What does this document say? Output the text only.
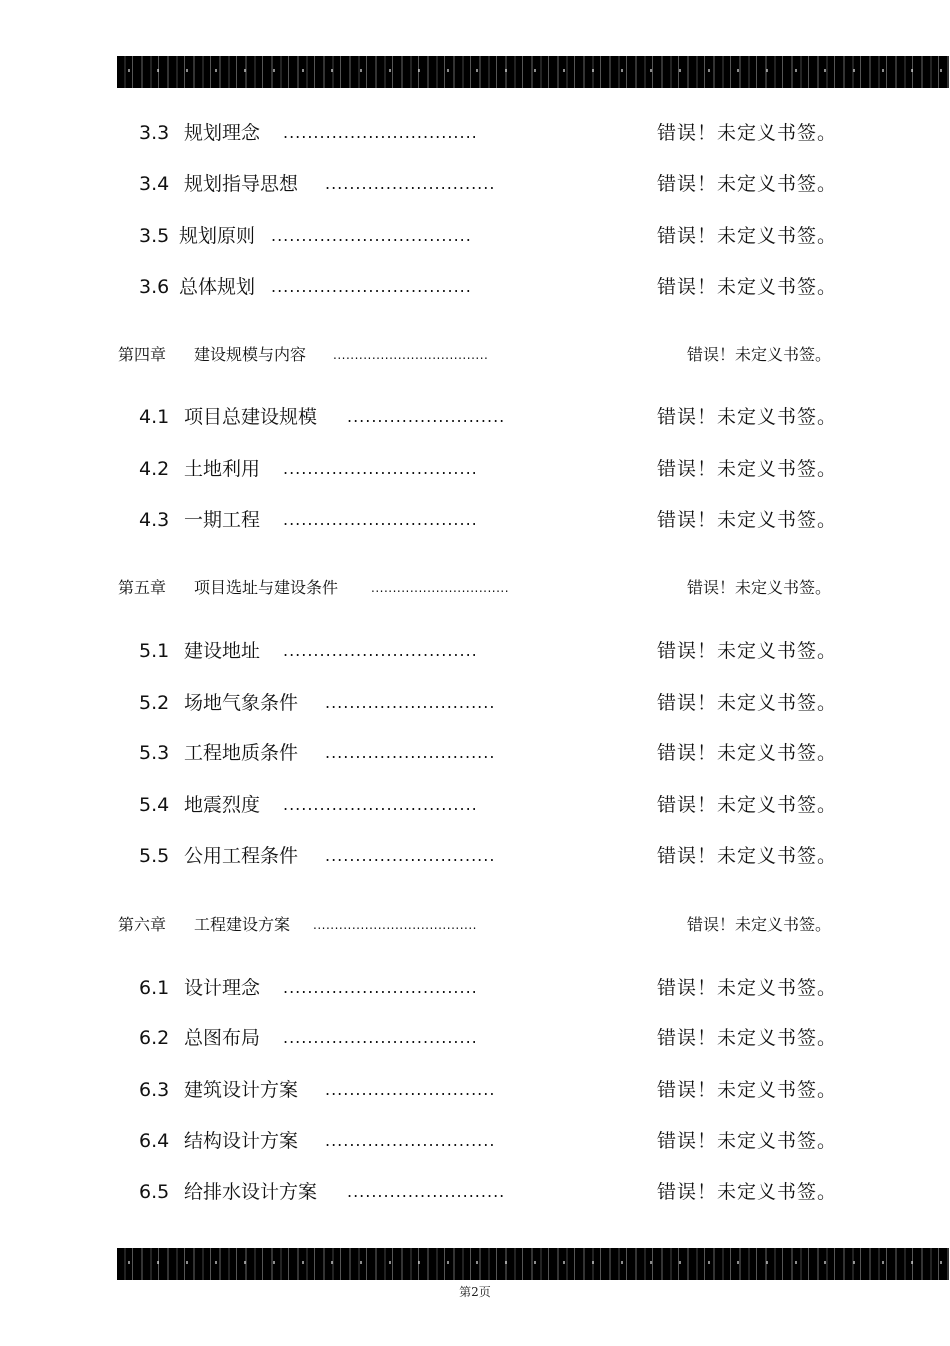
3.3 规划理念 ................................	错误！未定义书签。
3.4 规划指导思想 ............................	错误！未定义书签。
3.5 规划原则 .................................	错误！未定义书签。
3.6 总体规划 .................................	错误！未定义书签。
第四章 建设规模与内容 ....................................	错误！未定义书签。
4.1 项目总建设规模 ..........................	错误！未定义书签。
4.2 土地利用 ................................	错误！未定义书签。
4.3 一期工程 ................................	错误！未定义书签。
第五章 项目选址与建设条件	................................	错误！未定义书签。
5.1 建设地址 ................................	错误！未定义书签。
5.2 场地气象条件 ............................	错误！未定义书签。
5.3 工程地质条件 ............................	错误！未定义书签。
5.4 地震烈度 ................................	错误！未定义书签。
5.5 公用工程条件 ............................	错误！未定义书签。
第六章 工程建设方案 ......................................	错误！未定义书签。
6.1 设计理念 ................................	错误！未定义书签。
6.2 总图布局 ................................	错误！未定义书签。
6.3 建筑设计方案 ............................	错误！未定义书签。
6.4 结构设计方案 ............................	错误！未定义书签。
6.5 给排水设计方案 ..........................	错误！未定义书签。
第2页
